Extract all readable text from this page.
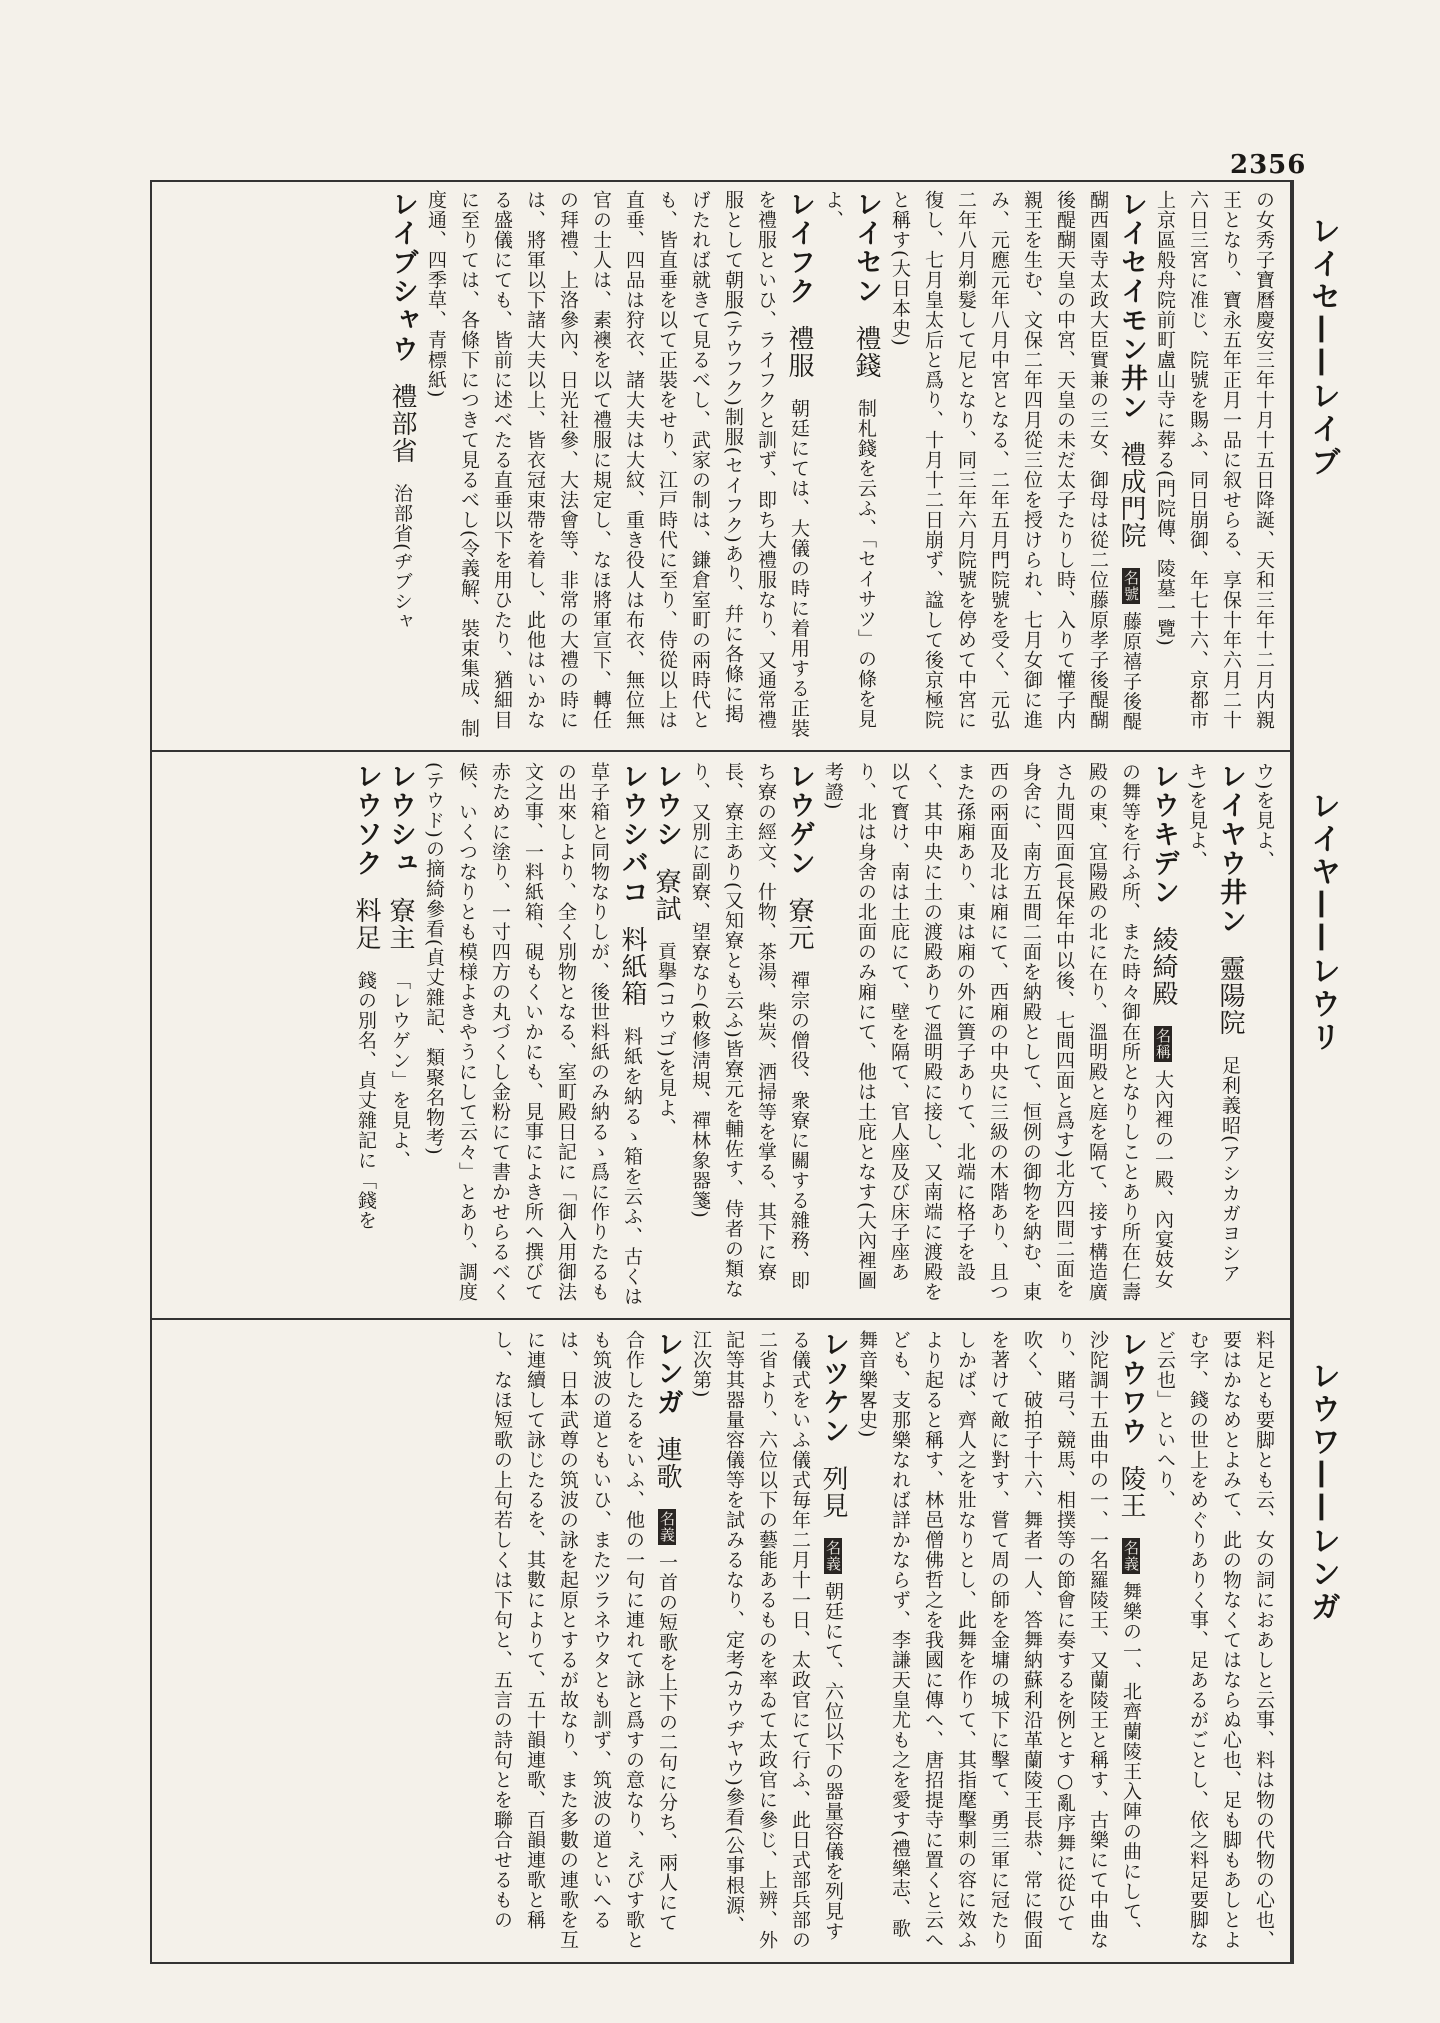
2356
レイセ——レイブ
レイヤ——レウリ
レウワ——レンガ
の女秀子寶曆慶安三年十月十五日降誕、天和三年十二月内親王となり、寶永五年正月一品に叙せらる、享保十年六月二十六日三宮に准じ、院號を賜ふ、同日崩御、年七十六、京都市上京區般舟院前町盧山寺に葬る(門院傳、陵墓一覽)
レイセイモン井ン 禮成門院 名號 藤原禧子後醍醐西園寺太政大臣實兼の三女、御母は從二位藤原孝子後醍醐後醍醐天皇の中宮、天皇の未だ太子たりし時、入りて懽子内親王を生む、文保二年四月從三位を授けられ、七月女御に進み、元應元年八月中宮となる、二年五月門院號を受く、元弘二年八月剃髮して尼となり、同三年六月院號を停めて中宮に復し、七月皇太后と爲り、十月十二日崩ず、諡して後京極院と稱す(大日本史)
レイセン 禮錢 制札錢を云ふ、「セイサツ」の條を見よ、
レイフク 禮服 朝廷にては、大儀の時に着用する正裝を禮服といひ、ライフクと訓ず、即ち大禮服なり、又通常禮服として朝服(テウフク)制服(セイフク)あり、幷に各條に掲げたれば就きて見るべし、武家の制は、鎌倉室町の兩時代とも、皆直垂を以て正裝をせり、江戸時代に至り、侍從以上は直垂、四品は狩衣、諸大夫は大紋、重き役人は布衣、無位無官の士人は、素襖を以て禮服に規定し、なほ將軍宣下、轉任の拜禮、上洛參內、日光社參、大法會等、非常の大禮の時には、將軍以下諸大夫以上、皆衣冠束帶を着し、此他はいかなる盛儀にても、皆前に述べたる直垂以下を用ひたり、猶細目に至りては、各條下につきて見るべし(令義解、裝束集成、制度通、四季草、青標紙)
レイブシャウ 禮部省 治部省(ヂブシャ
ウ)を見よ、
レイヤウ井ン 靈陽院 足利義昭(アシカガヨシアキ)を見よ、
レウキデン 綾綺殿 名稱 大內裡の一殿、內宴妓女の舞等を行ふ所、また時々御在所となりしことあり所在仁壽殿の東、宜陽殿の北に在り、溫明殿と庭を隔て、接す構造廣さ九間四面(長保年中以後、七間四面と爲す)北方四間二面を身舍に、南方五間二面を納殿として、恒例の御物を納む、東西の兩面及北は廂にて、西廂の中央に三級の木階あり、且つまた孫廂あり、東は廂の外に簀子ありて、北端に格子を設く、其中央に土の渡殿ありて溫明殿に接し、又南端に渡殿を以て寳け、南は土庇にて、壁を隔て、官人座及び床子座あり、北は身舍の北面のみ廂にて、他は土庇となす(大內裡圖考證)
レウゲン 寮元 禪宗の僧役、衆寮に關する雜務、即ち寮の經文、什物、茶湯、柴炭、洒掃等を掌る、其下に寮長、寮主あり(又知寮とも云ふ)皆寮元を輔佐す、侍者の類なり、又別に副寮、望寮なり(敕修淸規、禪林象器箋)
レウシ 寮試 貢擧(コウゴ)を見よ、
レウシバコ 料紙箱 料紙を納るゝ箱を云ふ、古くは草子箱と同物なりしが、後世料紙のみ納るゝ爲に作りたるもの出來しより、全く別物となる、室町殿日記に「御入用御法文之事、一料紙箱、硯もくいかにも、見事によき所へ撰びて赤ために塗り、一寸四方の丸づくし金粉にて書かせらるべく候、いくつなりとも模様よきやうにして云々」とあり、調度(テウド)の摘綺參看(貞丈雜記、類聚名物考)
レウシュ 寮主 「レウゲン」を見よ、
レウソク 料足 錢の別名、貞丈雜記に「錢を
料足とも要脚とも云、女の詞におあしと云事、料は物の代物の心也、要はかなめとよみて、此の物なくてはならぬ心也、足も脚もあしとよむ字、錢の世上をめぐりありく事、足あるがごとし、依之料足要脚など云也」といへり、
レウワウ 陵王 名義 舞樂の一、北齊蘭陵王入陣の曲にして、沙陀調十五曲中の一、一名羅陵王、又蘭陵王と稱す、古樂にて中曲なり、賭弓、競馬、相撲等の節會に奏するを例とす○亂序舞に從ひて吹く、破拍子十六、舞者一人、答舞納蘇利沿革蘭陵王長恭、常に假面を著けて敵に對す、嘗て周の師を金墉の城下に擊て、勇三軍に冠たりしかば、齊人之を壯なりとし、此舞を作りて、其指麾擊刺の容に效ふより起ると稱す、林邑僧佛哲之を我國に傳へ、唐招提寺に置くと云へども、支那樂なれば詳かならず、李謙天皇尤も之を愛す(禮樂志、歌舞音樂畧史)
レツケン 列見 名義 朝廷にて、六位以下の器量容儀を列見する儀式をいふ儀式毎年二月十一日、太政官にて行ふ、此日式部兵部の二省より、六位以下の藝能あるものを率ゐて太政官に參じ、上辨、外記等其器量容儀等を試みるなり、定考(カウヂヤウ)參看(公事根源、江次第)
レンガ 連歌 名義 一首の短歌を上下の二句に分ち、兩人にて合作したるをいふ、他の一句に連れて詠と爲すの意なり、えびす歌とも筑波の道ともいひ、またツラネウタとも訓ず、筑波の道といへるは、日本武尊の筑波の詠を起原とするが故なり、また多數の連歌を互に連續して詠じたるを、其數によりて、五十韻連歌、百韻連歌と稱し、なほ短歌の上句若しくは下句と、五言の詩句とを聯合せるもの
